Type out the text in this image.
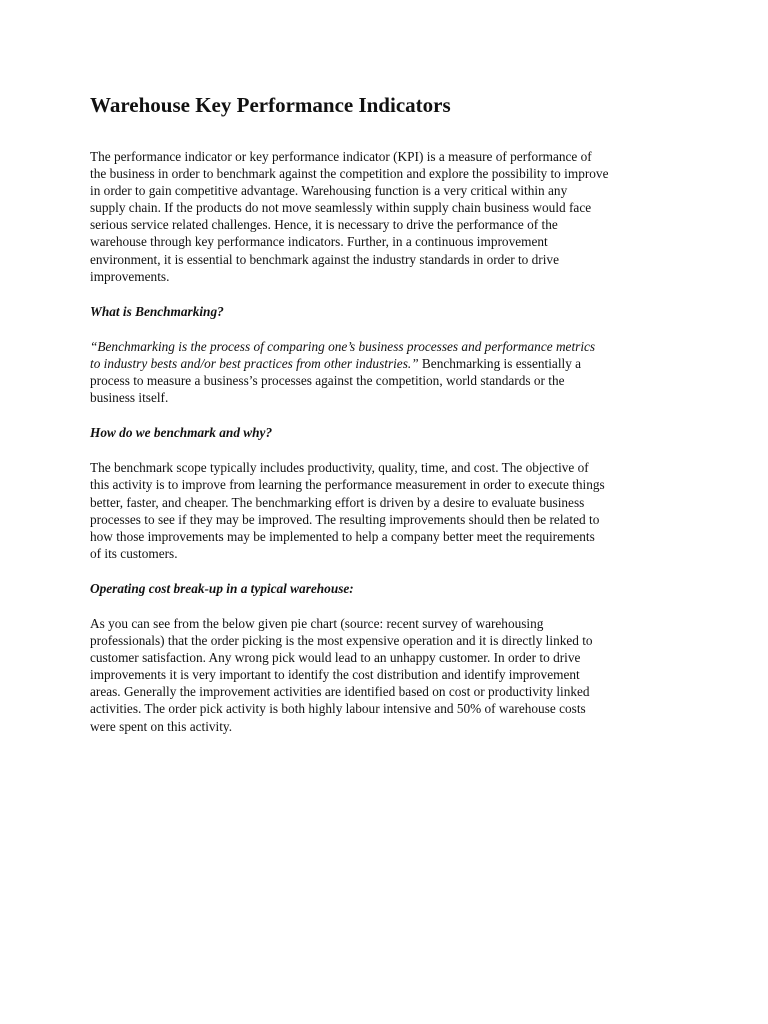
Warehouse Key Performance Indicators

The performance indicator or key performance indicator (KPI) is a measure of performance of
the business in order to benchmark against the competition and explore the possibility to improve
in order to gain competitive advantage. Warehousing function is a very critical within any
supply chain. If the products do not move seamlessly within supply chain business would face
serious service related challenges. Hence, it is necessary to drive the performance of the
warehouse through key performance indicators. Further, in a continuous improvement
environment, it is essential to benchmark against the industry standards in order to drive
improvements.

What is Benchmarking?

“Benchmarking is the process of comparing one’s business processes and performance metrics
to industry bests and/or best practices from other industries.” Benchmarking is essentially a
process to measure a business’s processes against the competition, world standards or the
business itself.

How do we benchmark and why?

The benchmark scope typically includes productivity, quality, time, and cost. The objective of
this activity is to improve from learning the performance measurement in order to execute things
better, faster, and cheaper. The benchmarking effort is driven by a desire to evaluate business
processes to see if they may be improved. The resulting improvements should then be related to
how those improvements may be implemented to help a company better meet the requirements
of its customers.

Operating cost break-up in a typical warehouse:

As you can see from the below given pie chart (source: recent survey of warehousing
professionals) that the order picking is the most expensive operation and it is directly linked to
customer satisfaction. Any wrong pick would lead to an unhappy customer. In order to drive
improvements it is very important to identify the cost distribution and identify improvement
areas. Generally the improvement activities are identified based on cost or productivity linked
activities. The order pick activity is both highly labour intensive and 50% of warehouse costs
were spent on this activity.
